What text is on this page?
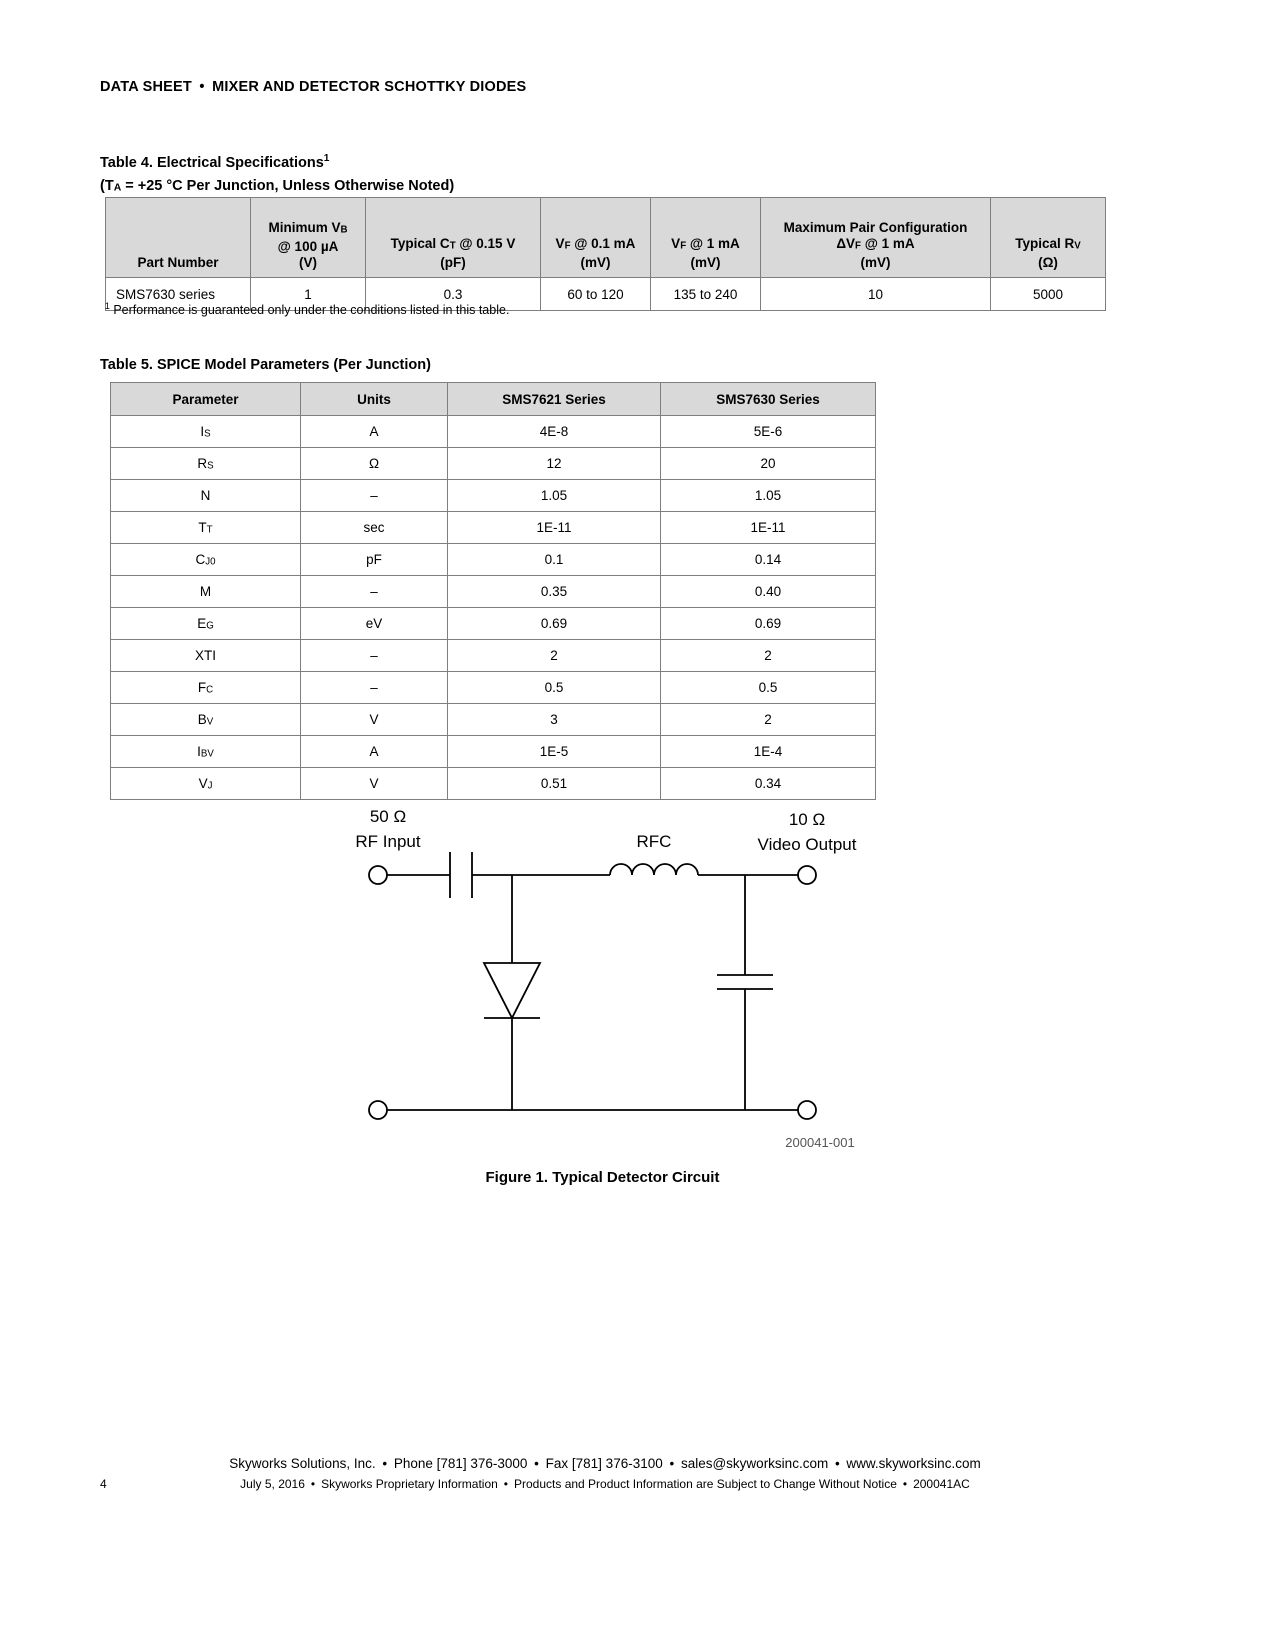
DATA SHEET • MIXER AND DETECTOR SCHOTTKY DIODES
Table 4. Electrical Specifications$^1$
(TA = +25 °C Per Junction, Unless Otherwise Noted)
Part Number	Minimum VB
@ 100 µA
(V)	Typical CT @ 0.15 V
(pF)	VF @ 0.1 mA
(mV)	VF @ 1 mA
(mV)	Maximum Pair Configuration
ΔVF @ 1 mA
(mV)	Typical RV
(Ω)
SMS7630 series	1	0.3	60 to 120	135 to 240	10	5000
$^1$ Performance is guaranteed only under the conditions listed in this table.
Table 5. SPICE Model Parameters (Per Junction)
Parameter	Units	SMS7621 Series	SMS7630 Series
IS	A	4E-8	5E-6
RS	Ω	12	20
N	–	1.05	1.05
TT	sec	1E-11	1E-11
CJ0	pF	0.1	0.14
M	–	0.35	0.40
EG	eV	0.69	0.69
XTI	–	2	2
FC	–	0.5	0.5
BV	V	3	2
IBV	A	1E-5	1E-4
VJ	V	0.51	0.34
50 Ω
RF Input	RFC
10 Ω
Video Output
200041-001
Figure 1. Typical Detector Circuit
Skyworks Solutions, Inc. • Phone [781] 376-3000 • Fax [781] 376-3100 • sales@skyworksinc.com • www.skyworksinc.com
July 5, 2016 • Skyworks Proprietary Information • Products and Product Information are Subject to Change Without Notice • 200041AC
4
